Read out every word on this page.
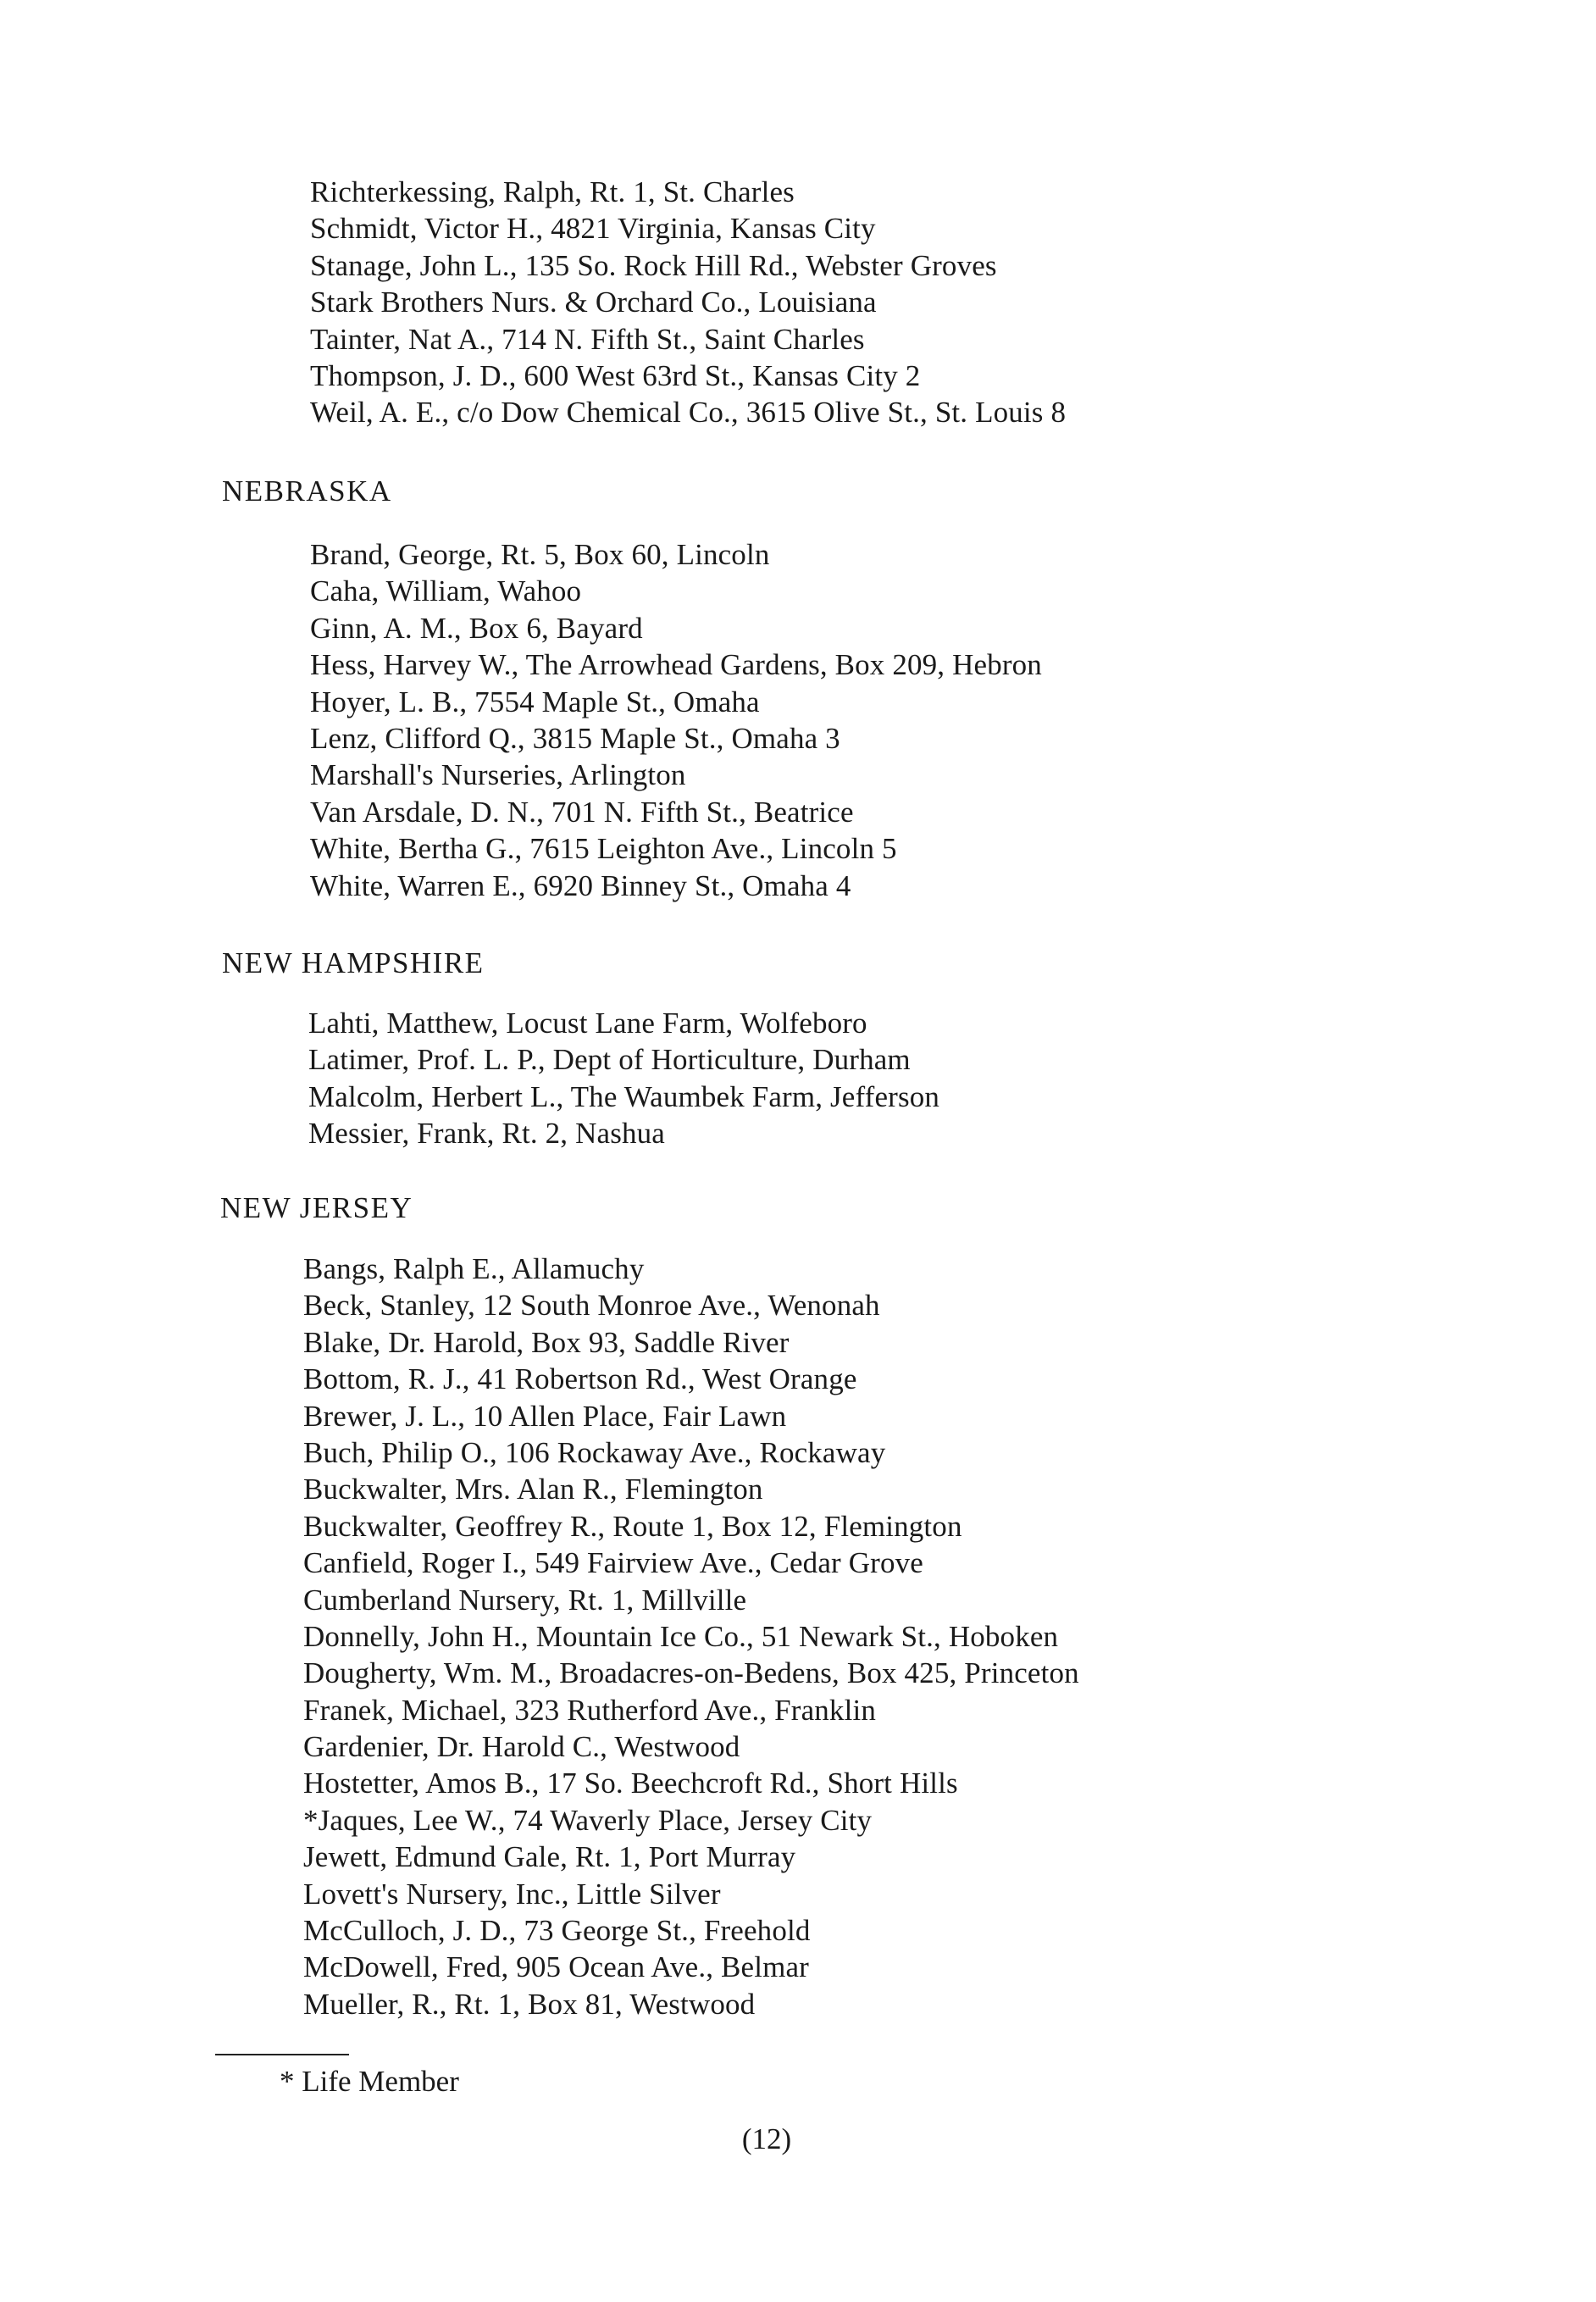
Richterkessing, Ralph, Rt. 1, St. Charles
Schmidt, Victor H., 4821 Virginia, Kansas City
Stanage, John L., 135 So. Rock Hill Rd., Webster Groves
Stark Brothers Nurs. & Orchard Co., Louisiana
Tainter, Nat A., 714 N. Fifth St., Saint Charles
Thompson, J. D., 600 West 63rd St., Kansas City 2
Weil, A. E., c/o Dow Chemical Co., 3615 Olive St., St. Louis 8
NEBRASKA
Brand, George, Rt. 5, Box 60, Lincoln
Caha, William, Wahoo
Ginn, A. M., Box 6, Bayard
Hess, Harvey W., The Arrowhead Gardens, Box 209, Hebron
Hoyer, L. B., 7554 Maple St., Omaha
Lenz, Clifford Q., 3815 Maple St., Omaha 3
Marshall's Nurseries, Arlington
Van Arsdale, D. N., 701 N. Fifth St., Beatrice
White, Bertha G., 7615 Leighton Ave., Lincoln 5
White, Warren E., 6920 Binney St., Omaha 4
NEW HAMPSHIRE
Lahti, Matthew, Locust Lane Farm, Wolfeboro
Latimer, Prof. L. P., Dept of Horticulture, Durham
Malcolm, Herbert L., The Waumbek Farm, Jefferson
Messier, Frank, Rt. 2, Nashua
NEW JERSEY
Bangs, Ralph E., Allamuchy
Beck, Stanley, 12 South Monroe Ave., Wenonah
Blake, Dr. Harold, Box 93, Saddle River
Bottom, R. J., 41 Robertson Rd., West Orange
Brewer, J. L., 10 Allen Place, Fair Lawn
Buch, Philip O., 106 Rockaway Ave., Rockaway
Buckwalter, Mrs. Alan R., Flemington
Buckwalter, Geoffrey R., Route 1, Box 12, Flemington
Canfield, Roger I., 549 Fairview Ave., Cedar Grove
Cumberland Nursery, Rt. 1, Millville
Donnelly, John H., Mountain Ice Co., 51 Newark St., Hoboken
Dougherty, Wm. M., Broadacres-on-Bedens, Box 425, Princeton
Franek, Michael, 323 Rutherford Ave., Franklin
Gardenier, Dr. Harold C., Westwood
Hostetter, Amos B., 17 So. Beechcroft Rd., Short Hills
*Jaques, Lee W., 74 Waverly Place, Jersey City
Jewett, Edmund Gale, Rt. 1, Port Murray
Lovett's Nursery, Inc., Little Silver
McCulloch, J. D., 73 George St., Freehold
McDowell, Fred, 905 Ocean Ave., Belmar
Mueller, R., Rt. 1, Box 81, Westwood
* Life Member
(12)
